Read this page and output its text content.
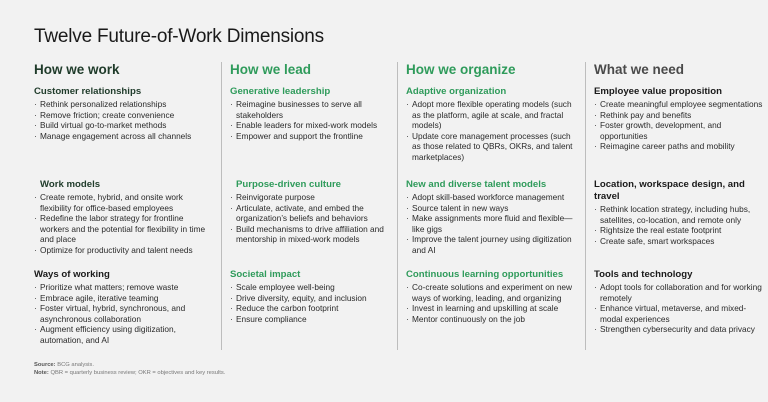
Twelve Future-of-Work Dimensions
How we work
Customer relationships
· Rethink personalized relationships
· Remove friction; create convenience
· Build virtual go-to-market methods
· Manage engagement across all channels
Work models
· Create remote, hybrid, and onsite work flexibility for office-based employees
· Redefine the labor strategy for frontline workers and the potential for flexibility in time and place
· Optimize for productivity and talent needs
Ways of working
· Prioritize what matters; remove waste
· Embrace agile, iterative teaming
· Foster virtual, hybrid, synchronous, and asynchronous collaboration
· Augment efficiency using digitization, automation, and AI
How we lead
Generative leadership
· Reimagine businesses to serve all stakeholders
· Enable leaders for mixed-work models
· Empower and support the frontline
Purpose-driven culture
· Reinvigorate purpose
· Articulate, activate, and embed the organization’s beliefs and behaviors
· Build mechanisms to drive affiliation and mentorship in mixed-work models
Societal impact
· Scale employee well-being
· Drive diversity, equity, and inclusion
· Reduce the carbon footprint
· Ensure compliance
How we organize
Adaptive organization
· Adopt more flexible operating models (such as the platform, agile at scale, and fractal models)
· Update core management processes (such as those related to QBRs, OKRs, and talent marketplaces)
New and diverse talent models
· Adopt skill-based workforce management
· Source talent in new ways
· Make assignments more fluid and flexible—like gigs
· Improve the talent journey using digitization and AI
Continuous learning opportunities
· Co-create solutions and experiment on new ways of working, leading, and organizing
· Invest in learning and upskilling at scale
· Mentor continuously on the job
What we need
Employee value proposition
· Create meaningful employee segmentations
· Rethink pay and benefits
· Foster growth, development, and opportunities
· Reimagine career paths and mobility
Location, workspace design, and travel
· Rethink location strategy, including hubs, satellites, co-location, and remote only
· Rightsize the real estate footprint
· Create safe, smart workspaces
Tools and technology
· Adopt tools for collaboration and for working remotely
· Enhance virtual, metaverse, and mixed-modal experiences
· Strengthen cybersecurity and data privacy
Source: BCG analysis.
Note: QBR = quarterly business review; OKR = objectives and key results.
